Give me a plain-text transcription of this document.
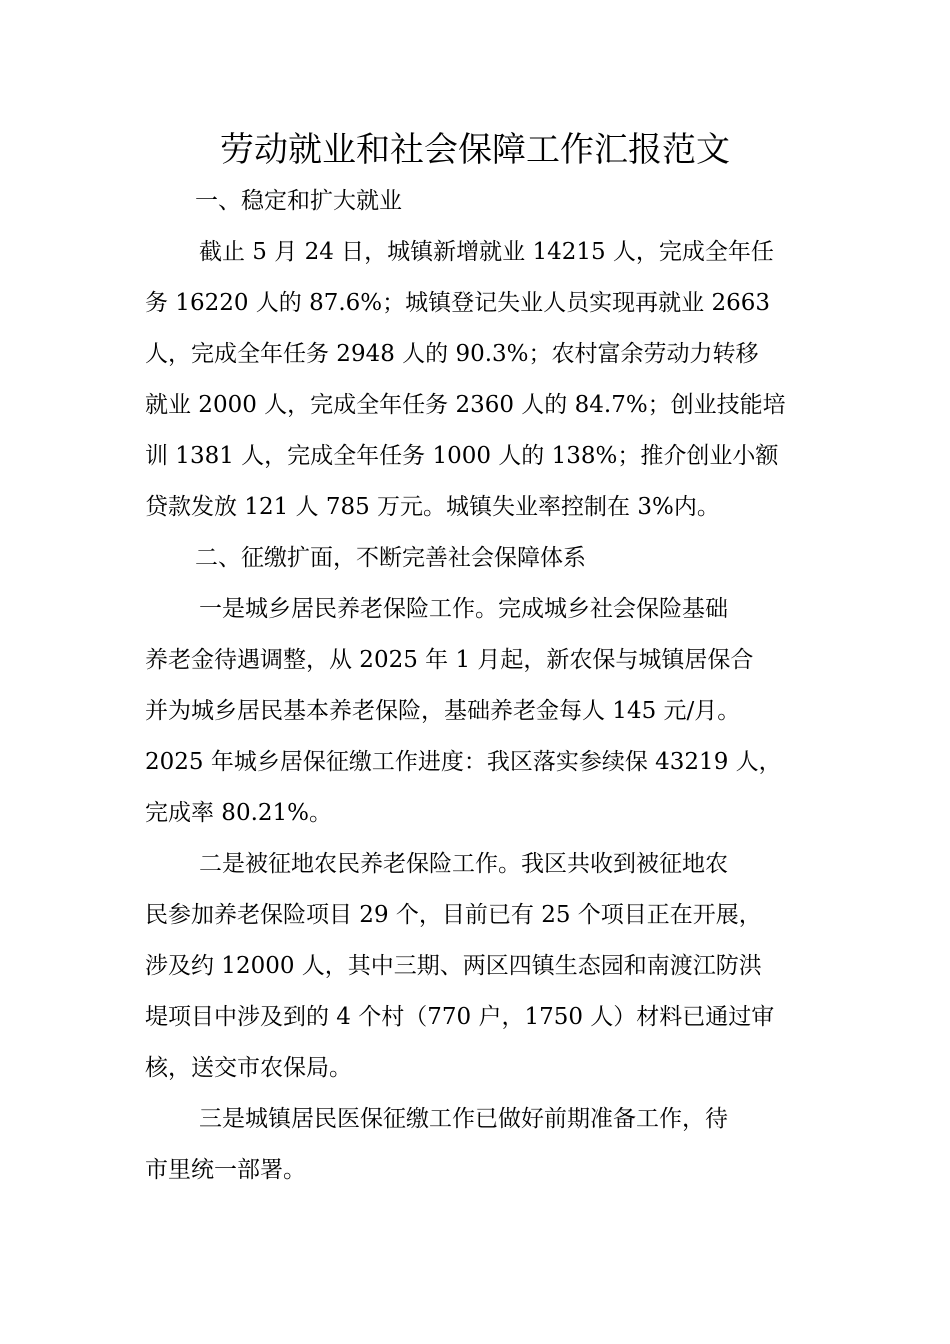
劳动就业和社会保障工作汇报范文

一、稳定和扩大就业

截止 5 月 24 日，城镇新增就业 14215 人，完成全年任
务 16220 人的 87.6%；城镇登记失业人员实现再就业 2663
人，完成全年任务 2948 人的 90.3%；农村富余劳动力转移
就业 2000 人，完成全年任务 2360 人的 84.7%；创业技能培
训 1381 人，完成全年任务 1000 人的 138%；推介创业小额
贷款发放 121 人 785 万元。城镇失业率控制在 3%内。

二、征缴扩面，不断完善社会保障体系

一是城乡居民养老保险工作。完成城乡社会保险基础
养老金待遇调整，从 2025 年 1 月起，新农保与城镇居保合
并为城乡居民基本养老保险，基础养老金每人 145 元/月。
2025 年城乡居保征缴工作进度：我区落实参续保 43219 人，
完成率 80.21%。
二是被征地农民养老保险工作。我区共收到被征地农
民参加养老保险项目 29 个，目前已有 25 个项目正在开展，
涉及约 12000 人，其中三期、两区四镇生态园和南渡江防洪
堤项目中涉及到的 4 个村（770 户，1750 人）材料已通过审
核，送交市农保局。
三是城镇居民医保征缴工作已做好前期准备工作，待
市里统一部署。
